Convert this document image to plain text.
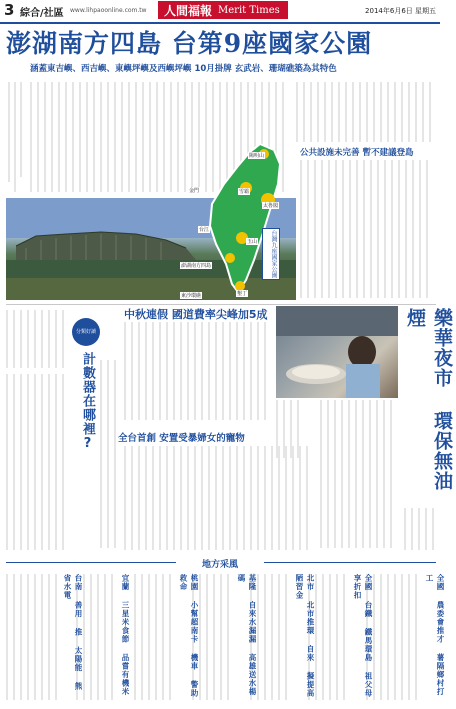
3 綜合/社區 www.lihpaoonline.com.tw 人間福報 Merit Times	2014年6月6日 星期五
澎湖南方四島 台第9座國家公園
涵蓋東吉嶼、西吉嶼、東嶼坪嶼及西嶼坪嶼 10月掛牌 玄武岩、珊瑚礁築為其特色
公共設施未完善 暫不建議登島
陽明山
金門	雪霸
太魯閣
台江
玉山
澎湖南方四島
墾丁
東沙環礁
台灣九座國家公園
分類好讀
計數器在哪裡?
中秋連假 國道費率尖峰加5成	樂華夜市 環保無油煙
全台首創 安置受暴婦女的寵物
地方采風
全國 農委會推才 薯隔鄉村打工
全國 台鐵 鐵馬環島 祖父母享折扣
北市 北市推環 自來 擬提高陋習金
基隆 自來水漏漏 高雄送水楊碼
桃園 小幫超南卡 機車 警助救命
宜蘭 三星米食節 品嘗有機米
台南 善用 推 太陽能 熊 省水電
